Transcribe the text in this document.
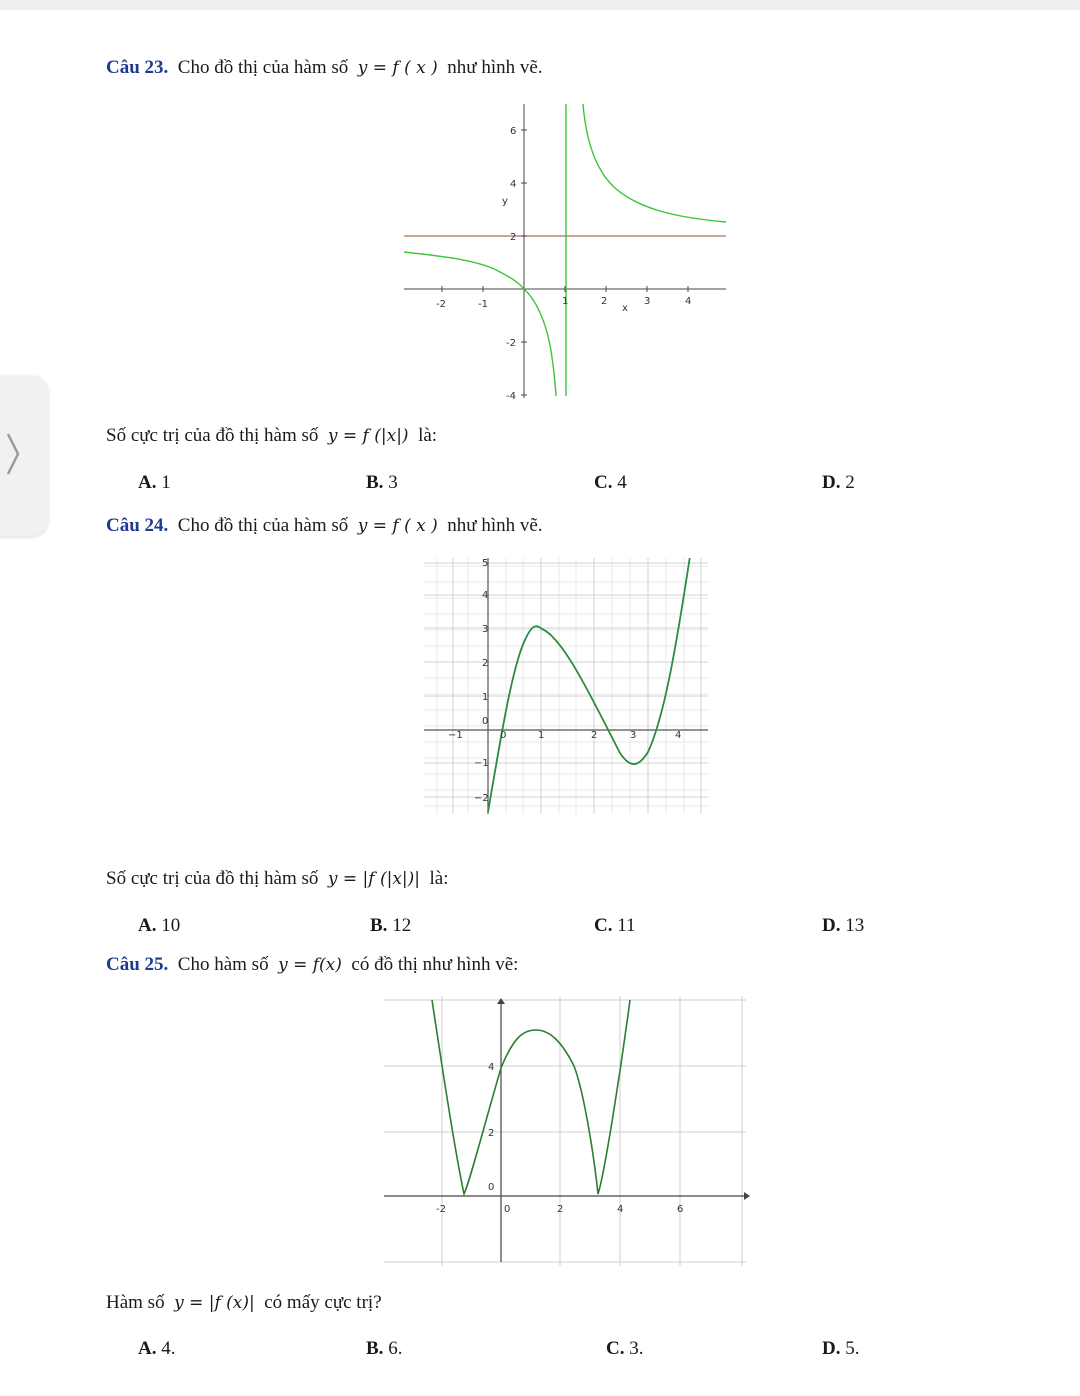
Câu 23. Cho đồ thị của hàm số y = f ( x ) như hình vẽ.
-2	-1	1	2	3	4
x
6
4
2
-2
-4
y
Số cực trị của đồ thị hàm số y = f (|x|) là:
A. 1	B. 3	C. 4	D. 2
Câu 24. Cho đồ thị của hàm số y = f ( x ) như hình vẽ.
5
4
3
2
1
0
−1
−2
−1	0	1	2	3	4
Số cực trị của đồ thị hàm số y = |f (|x|)| là:
A. 10	B. 12	C. 11	D. 13
Câu 25. Cho hàm số y = f(x) có đồ thị như hình vẽ:
4
2
0
-2	0	2	4	6
Hàm số y = |f (x)| có mấy cực trị?
A. 4.	B. 6.	C. 3.	D. 5.
